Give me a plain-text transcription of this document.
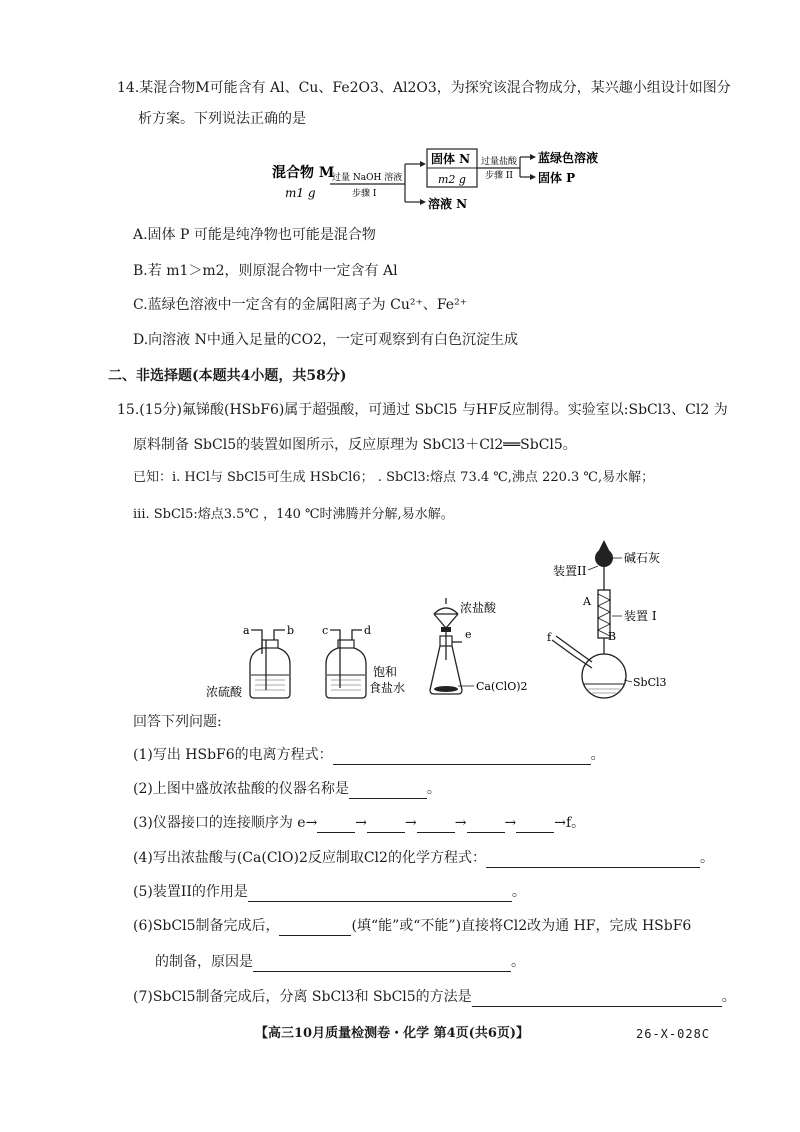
14.某混合物M可能含有 Al、Cu、Fe2O3、Al2O3，为探究该混合物成分，某兴趣小组设计如图分
析方案。下列说法正确的是
混合物 M
m1 g
过量 NaOH 溶液
步骤 I
固体 N
m2 g
溶液 N
过量盐酸
步骤 II
蓝绿色溶液
固体 P
A.固体 P 可能是纯净物也可能是混合物
B.若 m1＞m2，则原混合物中一定含有 Al
C.蓝绿色溶液中一定含有的金属阳离子为 Cu²⁺、Fe²⁺
D.向溶液 N中通入足量的CO2，一定可观察到有白色沉淀生成
二、非选择题(本题共4小题，共58分)
15.(15分)氟锑酸(HSbF6)属于超强酸，可通过 SbCl5 与HF反应制得。实验室以:SbCl3、Cl2 为
原料制备 SbCl5的装置如图所示，反应原理为 SbCl3＋Cl2══SbCl5。
已知：i. HCl与 SbCl5可生成 HSbCl6； . SbCl3:熔点 73.4 ℃,沸点 220.3 ℃,易水解；
iii. SbCl5:熔点3.5℃ ，140 ℃时沸腾并分解,易水解。
a	b
浓硫酸
c	d
饱和
食盐水
浓盐酸
e
Ca(ClO)2
装置II
碱石灰
A
装置 I
B
f
SbCl3
回答下列问题:
(1)写出 HSbF6的电离方程式：	。
(2)上图中盛放浓盐酸的仪器名称是	。
(3)仪器接口的连接顺序为 e→	→	→	→	→	→f。
(4)写出浓盐酸与(Ca(ClO)2反应制取Cl2的化学方程式：	。
(5)装置II的作用是	。
(6)SbCl5制备完成后，	(填“能”或“不能”)直接将Cl2改为通 HF，完成 HSbF6
的制备，原因是	。
(7)SbCl5制备完成后，分离 SbCl3和 SbCl5的方法是	。
【高三10月质量检测卷・化学 第4页(共6页)】	26-X-028C
